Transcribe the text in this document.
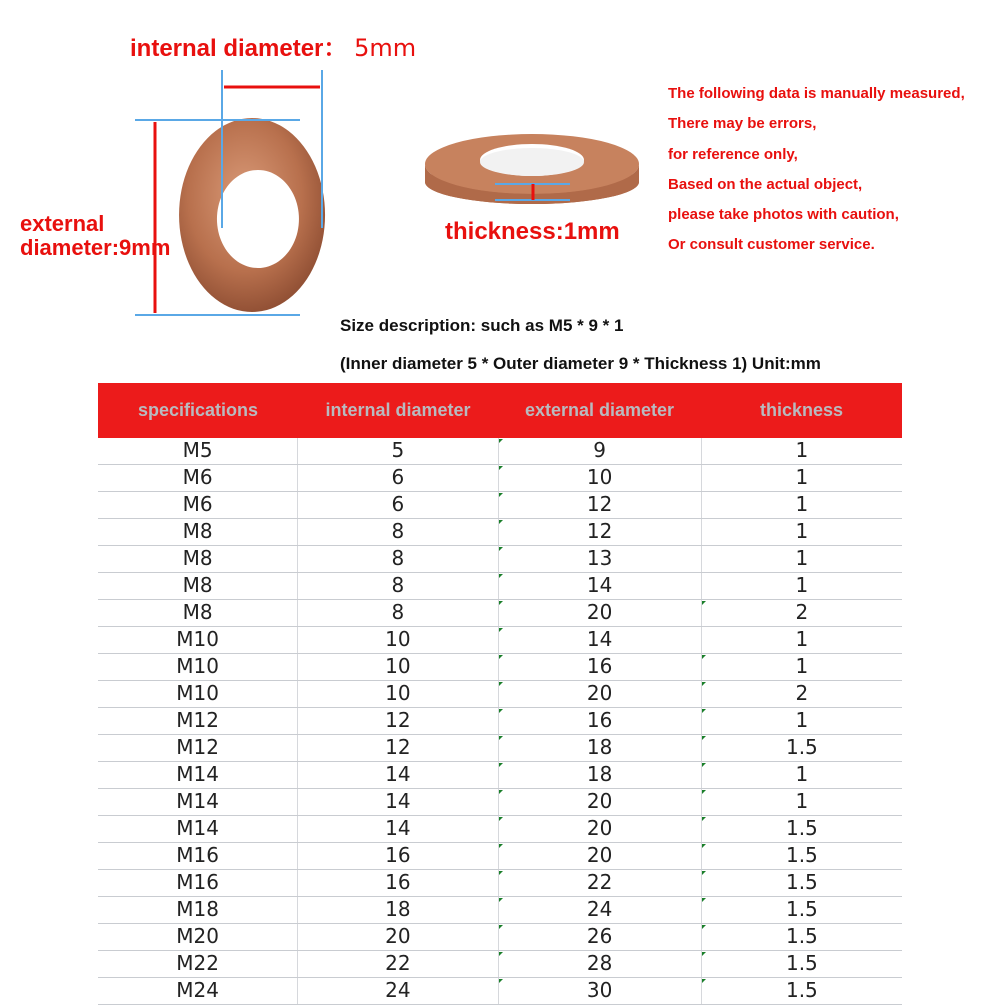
internal diameter： 5mm
external
diameter:9mm
thickness:1mm
The following data is manually measured,
There may be errors,
for reference only,
Based on the actual object,
please take photos with caution,
Or consult customer service.
Size description: such as M5 * 9 * 1
(Inner diameter 5 * Outer diameter 9 * Thickness 1) Unit:mm
specifications	internal diameter	external diameter	thickness
M5	5	9	1
M6	6	10	1
M6	6	12	1
M8	8	12	1
M8	8	13	1
M8	8	14	1
M8	8	20	2
M10	10	14	1
M10	10	16	1
M10	10	20	2
M12	12	16	1
M12	12	18	1.5
M14	14	18	1
M14	14	20	1
M14	14	20	1.5
M16	16	20	1.5
M16	16	22	1.5
M18	18	24	1.5
M20	20	26	1.5
M22	22	28	1.5
M24	24	30	1.5
